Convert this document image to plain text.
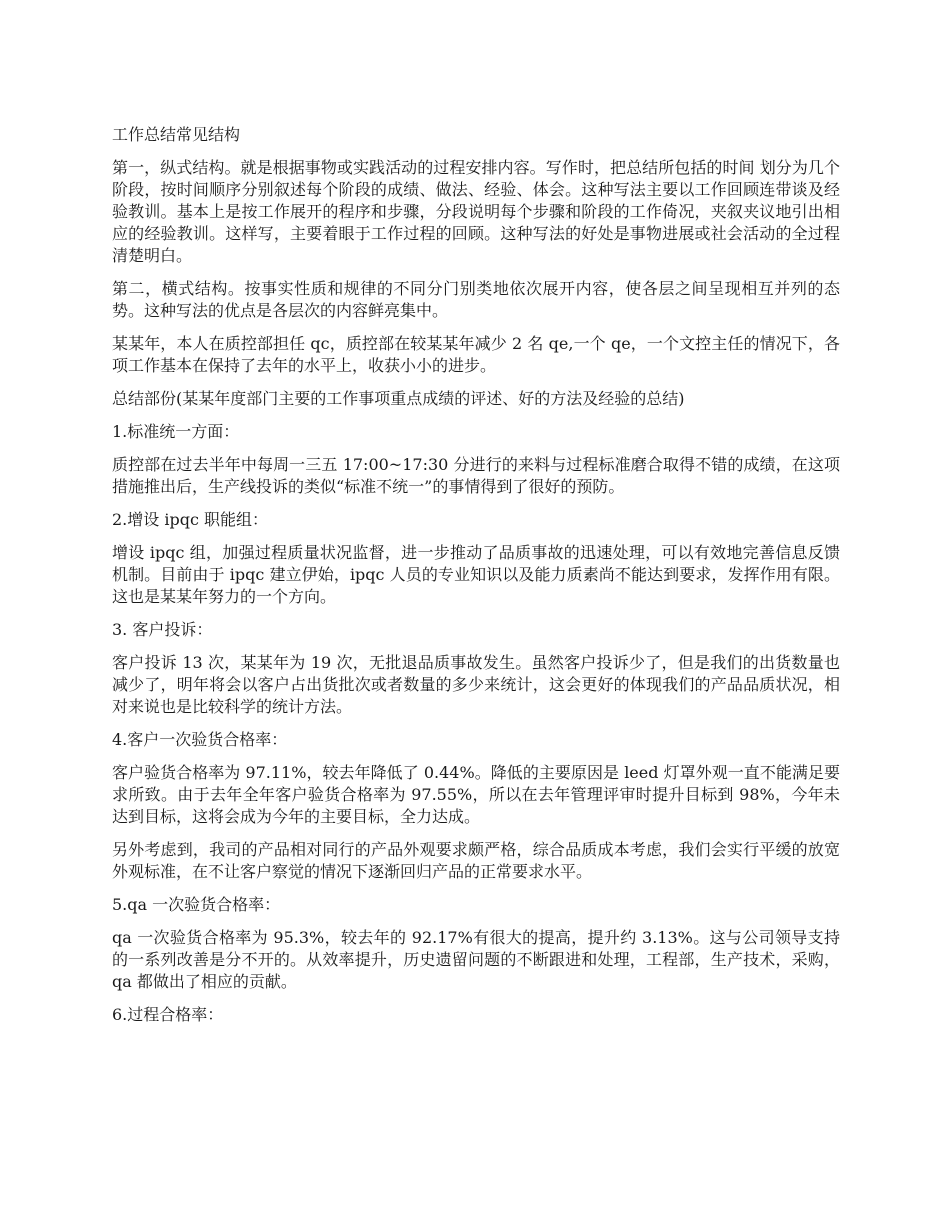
工作总结常见结构

第一，纵式结构。就是根据事物或实践活动的过程安排内容。写作时，把总结所包括的时间 划分为几个阶段，按时间顺序分别叙述每个阶段的成绩、做法、经验、体会。这种写法主要以工作回顾连带谈及经验教训。基本上是按工作展开的程序和步骤，分段说明每个步骤和阶段的工作倚况，夹叙夹议地引出相应的经验教训。这样写，主要着眼于工作过程的回顾。这种写法的好处是事物进展或社会活动的全过程清楚明白。

第二，横式结构。按事实性质和规律的不同分门别类地依次展开内容，使各层之间呈现相互并列的态势。这种写法的优点是各层次的内容鲜亮集中。

某某年，本人在质控部担任 qc，质控部在较某某年减少 2 名 qe,一个 qe，一个文控主任的情况下，各项工作基本在保持了去年的水平上，收获小小的进步。

总结部份(某某年度部门主要的工作事项重点成绩的评述、好的方法及经验的总结)

1.标准统一方面：

质控部在过去半年中每周一三五 17:00~17:30 分进行的来料与过程标准磨合取得不错的成绩，在这项措施推出后，生产线投诉的类似“标准不统一”的事情得到了很好的预防。

2.增设 ipqc 职能组：

增设 ipqc 组，加强过程质量状况监督，进一步推动了品质事故的迅速处理，可以有效地完善信息反馈机制。目前由于 ipqc 建立伊始，ipqc 人员的专业知识以及能力质素尚不能达到要求，发挥作用有限。这也是某某年努力的一个方向。

3. 客户投诉：

客户投诉 13 次，某某年为 19 次，无批退品质事故发生。虽然客户投诉少了，但是我们的出货数量也减少了，明年将会以客户占出货批次或者数量的多少来统计，这会更好的体现我们的产品品质状况，相对来说也是比较科学的统计方法。

4.客户一次验货合格率：

客户验货合格率为 97.11%，较去年降低了 0.44%。降低的主要原因是 leed 灯罩外观一直不能满足要求所致。由于去年全年客户验货合格率为 97.55%，所以在去年管理评审时提升目标到 98%，今年未达到目标，这将会成为今年的主要目标，全力达成。

另外考虑到，我司的产品相对同行的产品外观要求颇严格，综合品质成本考虑，我们会实行平缓的放宽外观标准，在不让客户察觉的情况下逐渐回归产品的正常要求水平。

5.qa 一次验货合格率：

qa 一次验货合格率为 95.3%，较去年的 92.17%有很大的提高，提升约 3.13%。这与公司领导支持的一系列改善是分不开的。从效率提升，历史遗留问题的不断跟进和处理，工程部，生产技术，采购，qa 都做出了相应的贡献。

6.过程合格率：
